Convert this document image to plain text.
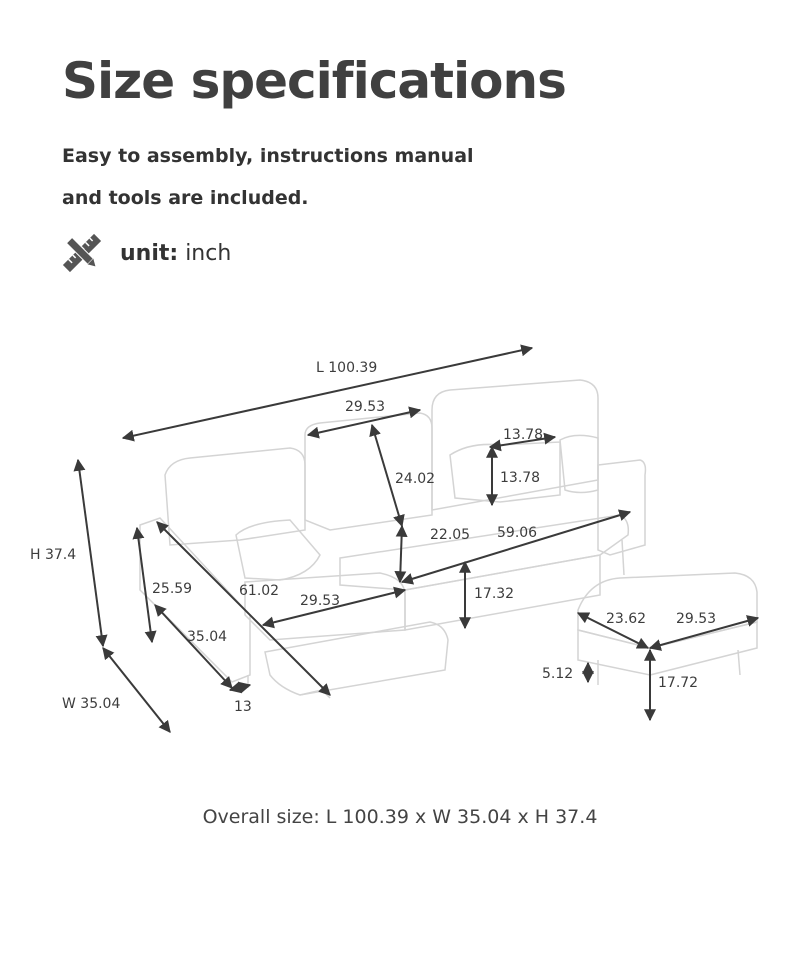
Size specifications

Easy to assembly, instructions manual

and tools are included.

unit: inch
L 100.39
H 37.4
W 35.04
29.53
13.78
13.78
24.02
22.05 59.06
25.59	61.02
29.53	17.32
35.04
13
23.62 29.53
5.12
17.72
Overall size: L 100.39 x W 35.04 x H 37.4
